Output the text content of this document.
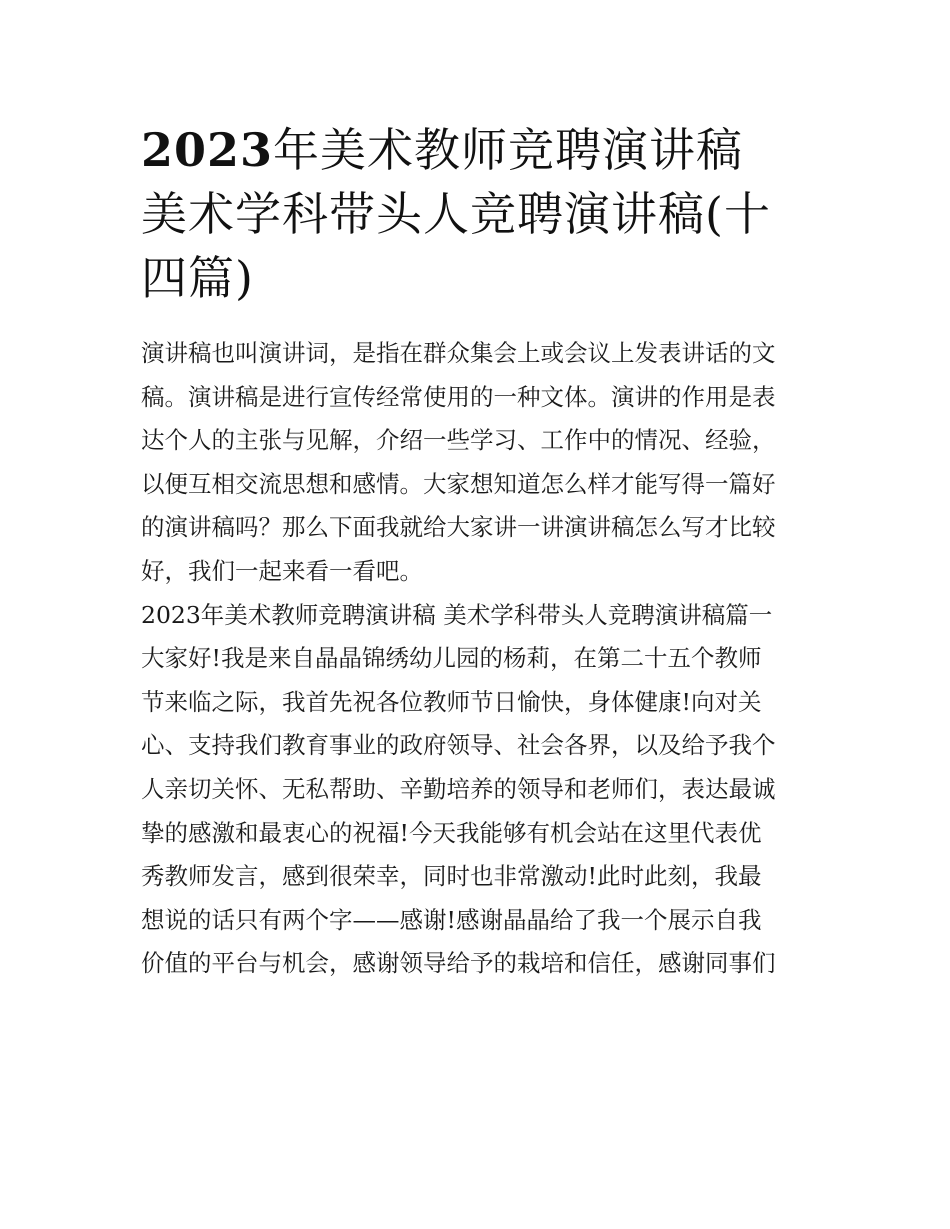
2023年美术教师竞聘演讲稿
美术学科带头人竞聘演讲稿(十
四篇)
演讲稿也叫演讲词，是指在群众集会上或会议上发表讲话的文
稿。演讲稿是进行宣传经常使用的一种文体。演讲的作用是表
达个人的主张与见解，介绍一些学习、工作中的情况、经验，
以便互相交流思想和感情。大家想知道怎么样才能写得一篇好
的演讲稿吗？那么下面我就给大家讲一讲演讲稿怎么写才比较
好，我们一起来看一看吧。
2023年美术教师竞聘演讲稿 美术学科带头人竞聘演讲稿篇一
大家好!我是来自晶晶锦绣幼儿园的杨莉，在第二十五个教师
节来临之际，我首先祝各位教师节日愉快，身体健康!向对关
心、支持我们教育事业的政府领导、社会各界，以及给予我个
人亲切关怀、无私帮助、辛勤培养的领导和老师们，表达最诚
挚的感激和最衷心的祝福!今天我能够有机会站在这里代表优
秀教师发言，感到很荣幸，同时也非常激动!此时此刻，我最
想说的话只有两个字——感谢!感谢晶晶给了我一个展示自我
价值的平台与机会，感谢领导给予的栽培和信任，感谢同事们
